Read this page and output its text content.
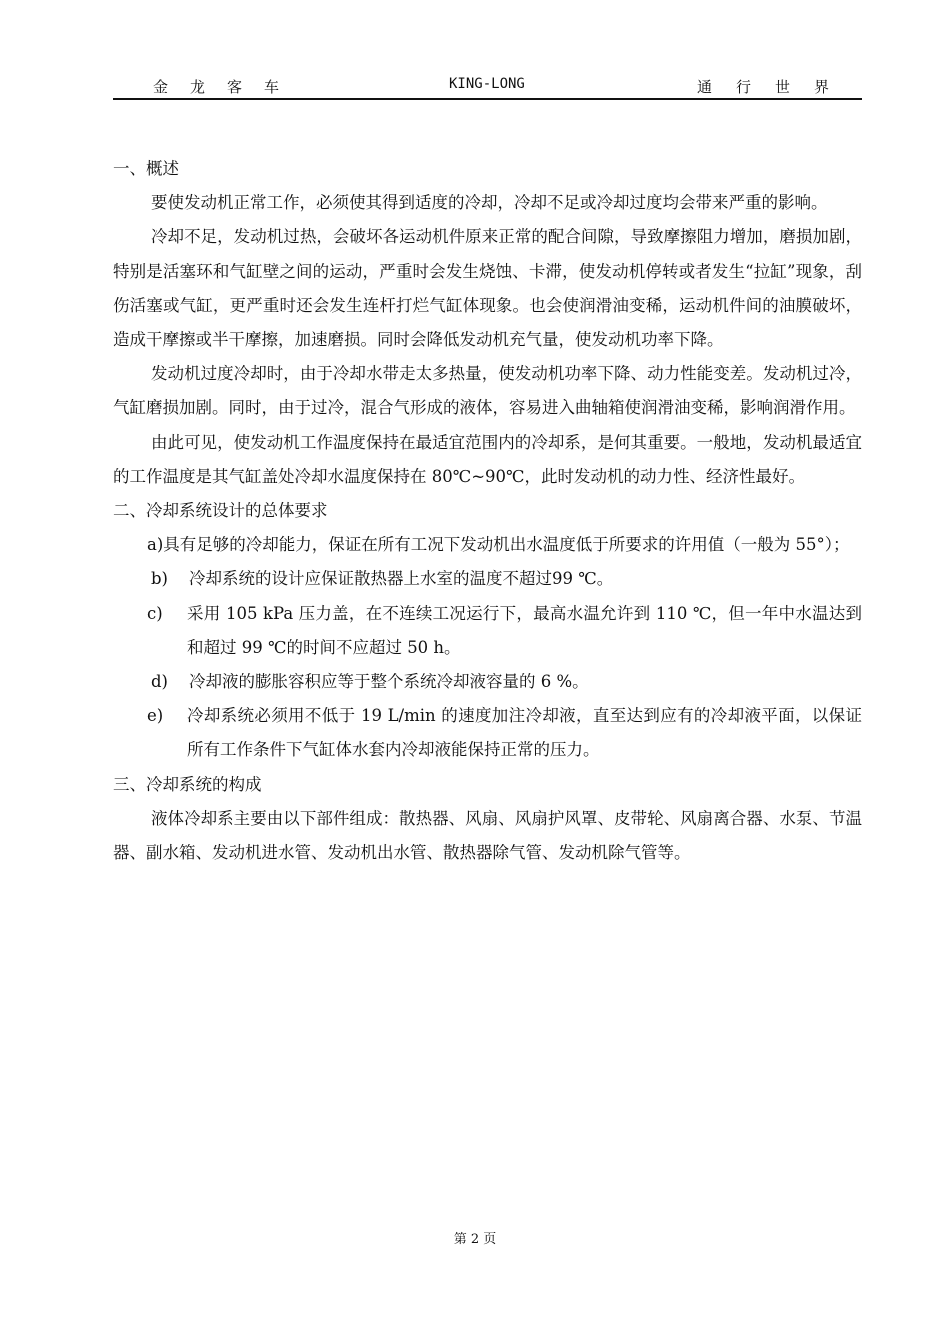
金龙客车	KING-LONG	通行世界

一、概述

要使发动机正常工作，必须使其得到适度的冷却，冷却不足或冷却过度均会带来严重的影响。

冷却不足，发动机过热，会破坏各运动机件原来正常的配合间隙，导致摩擦阻力增加，磨损加剧，特别是活塞环和气缸壁之间的运动，严重时会发生烧蚀、卡滞，使发动机停转或者发生“拉缸”现象，刮伤活塞或气缸，更严重时还会发生连杆打烂气缸体现象。也会使润滑油变稀，运动机件间的油膜破坏，造成干摩擦或半干摩擦，加速磨损。同时会降低发动机充气量，使发动机功率下降。

发动机过度冷却时，由于冷却水带走太多热量，使发动机功率下降、动力性能变差。发动机过冷，气缸磨损加剧。同时，由于过冷，混合气形成的液体，容易进入曲轴箱使润滑油变稀，影响润滑作用。

由此可见，使发动机工作温度保持在最适宜范围内的冷却系，是何其重要。一般地，发动机最适宜的工作温度是其气缸盖处冷却水温度保持在 80℃~90℃，此时发动机的动力性、经济性最好。

二、冷却系统设计的总体要求

a)具有足够的冷却能力，保证在所有工况下发动机出水温度低于所要求的许用值（一般为 55°）；

b)	冷却系统的设计应保证散热器上水室的温度不超过99 ℃。
c)	采用 105 kPa 压力盖，在不连续工况运行下，最高水温允许到 110 ℃，但一年中水温达到和超过 99 ℃的时间不应超过 50 h。
d)	冷却液的膨胀容积应等于整个系统冷却液容量的 6 %。
e)	冷却系统必须用不低于 19 L/min 的速度加注冷却液，直至达到应有的冷却液平面，以保证所有工作条件下气缸体水套内冷却液能保持正常的压力。

三、冷却系统的构成

液体冷却系主要由以下部件组成：散热器、风扇、风扇护风罩、皮带轮、风扇离合器、水泵、节温器、副水箱、发动机进水管、发动机出水管、散热器除气管、发动机除气管等。

第 2 页
